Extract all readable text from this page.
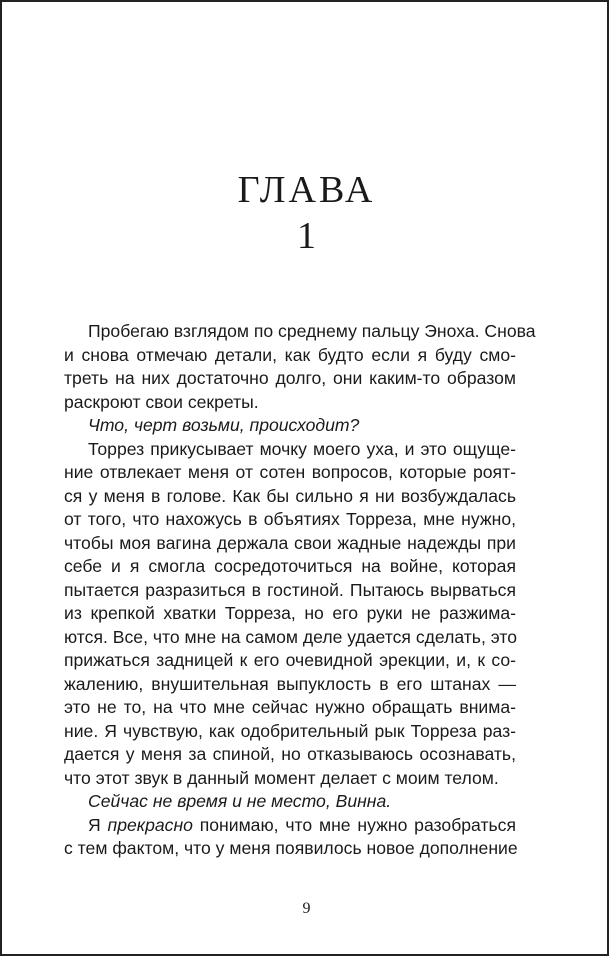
ГЛАВА
1
Пробегаю взглядом по среднему пальцу Эноха. Снова
и снова отмечаю детали, как будто если я буду смо-
треть на них достаточно долго, они каким-то образом
раскроют свои секреты.
Что, черт возьми, происходит?
Торрез прикусывает мочку моего уха, и это ощуще-
ние отвлекает меня от сотен вопросов, которые роят-
ся у меня в голове. Как бы сильно я ни возбуждалась
от того, что нахожусь в объятиях Торреза, мне нужно,
чтобы моя вагина держала свои жадные надежды при
себе и я смогла сосредоточиться на войне, которая
пытается разразиться в гостиной. Пытаюсь вырваться
из крепкой хватки Торреза, но его руки не разжима-
ются. Все, что мне на самом деле удается сделать, это
прижаться задницей к его очевидной эрекции, и, к со-
жалению, внушительная выпуклость в его штанах —
это не то, на что мне сейчас нужно обращать внима-
ние. Я чувствую, как одобрительный рык Торреза раз-
дается у меня за спиной, но отказываюсь осознавать,
что этот звук в данный момент делает с моим телом.
Сейчас не время и не место, Винна.
Я прекрасно понимаю, что мне нужно разобраться
с тем фактом, что у меня появилось новое дополнение
9
